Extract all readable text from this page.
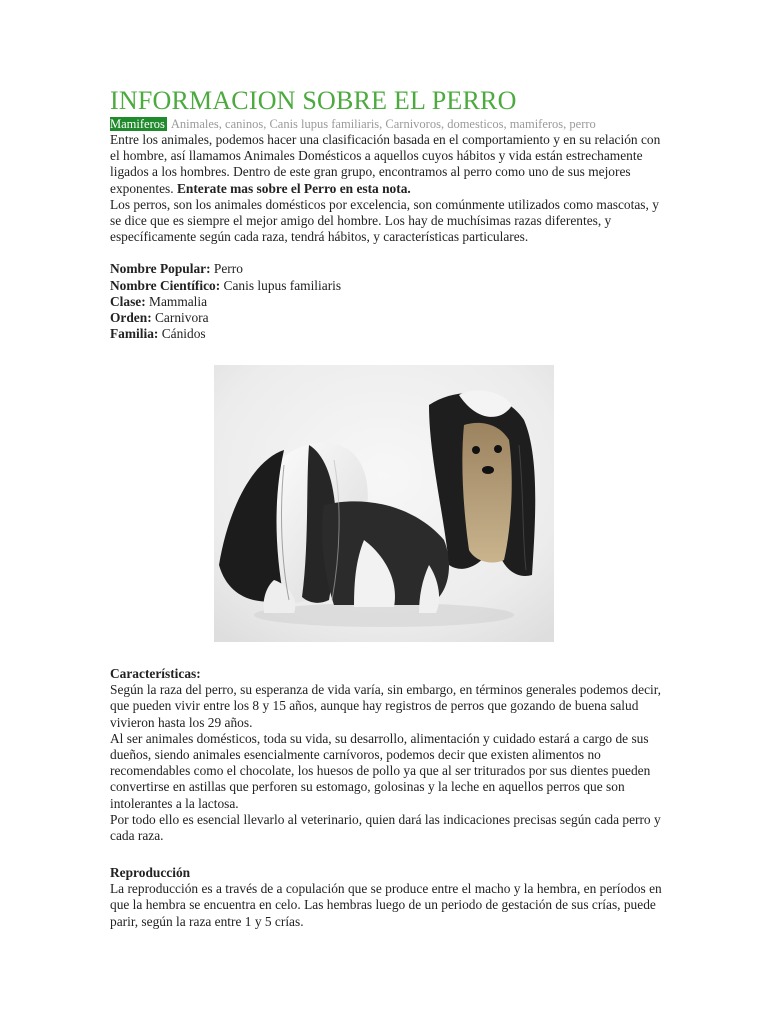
INFORMACION SOBRE EL PERRO
Mamiferos Animales, caninos, Canis lupus familiaris, Carnivoros, domesticos, mamiferos, perro

Entre los animales, podemos hacer una clasificación basada en el comportamiento y en su relación con el hombre, así llamamos Animales Domésticos a aquellos cuyos hábitos y vida están estrechamente ligados a los hombres. Dentro de este gran grupo, encontramos al perro como uno de sus mejores exponentes. Enterate mas sobre el Perro en esta nota.

Los perros, son los animales domésticos por excelencia, son comúnmente utilizados como mascotas, y se dice que es siempre el mejor amigo del hombre. Los hay de muchísimas razas diferentes, y específicamente según cada raza, tendrá hábitos, y características particulares.

Nombre Popular: Perro
Nombre Científico: Canis lupus familiaris
Clase: Mammalia
Orden: Carnivora
Familia: Cánidos

Características:

Según la raza del perro, su esperanza de vida varía, sin embargo, en términos generales podemos decir, que pueden vivir entre los 8 y 15 años, aunque hay registros de perros que gozando de buena salud vivieron hasta los 29 años.

Al ser animales domésticos, toda su vida, su desarrollo, alimentación y cuidado estará a cargo de sus dueños, siendo animales esencialmente carnívoros, podemos decir que existen alimentos no recomendables como el chocolate, los huesos de pollo ya que al ser triturados por sus dientes pueden convertirse en astillas que perforen su estomago, golosinas y la leche en aquellos perros que son intolerantes a la lactosa.

Por todo ello es esencial llevarlo al veterinario, quien dará las indicaciones precisas según cada perro y cada raza.

Reproducción

La reproducción es a través de a copulación que se produce entre el macho y la hembra, en períodos en que la hembra se encuentra en celo. Las hembras luego de un periodo de gestación de sus crías, puede parir, según la raza entre 1 y 5 crías.
